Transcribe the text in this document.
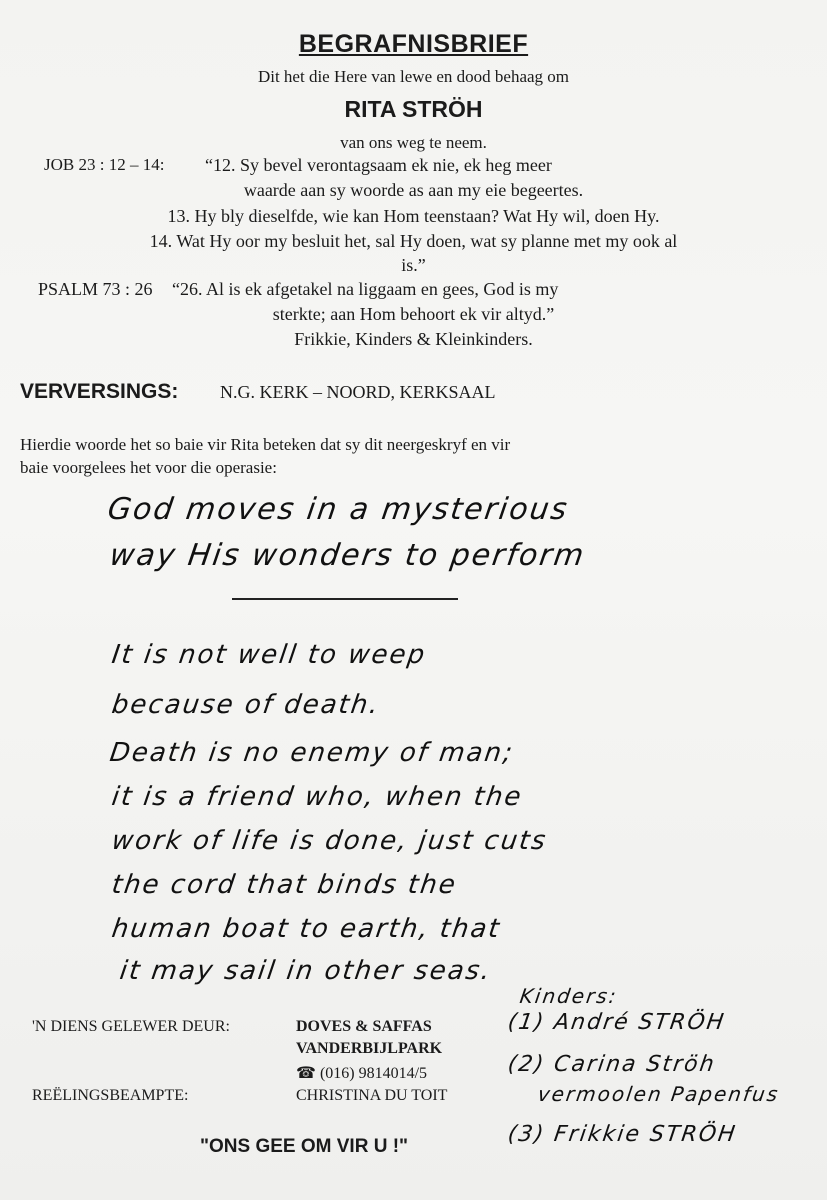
BEGRAFNISBRIEF
Dit het die Here van lewe en dood behaag om
RITA STRÖH
van ons weg te neem.
JOB 23 : 12 – 14: “12. Sy bevel verontagsaam ek nie, ek heg meer
waarde aan sy woorde as aan my eie begeertes.
13. Hy bly dieselfde, wie kan Hom teenstaan? Wat Hy wil, doen Hy.
14. Wat Hy oor my besluit het, sal Hy doen, wat sy planne met my ook al
is.”
PSALM 73 : 26 “26. Al is ek afgetakel na liggaam en gees, God is my
sterkte; aan Hom behoort ek vir altyd.”
Frikkie, Kinders & Kleinkinders.
VERVERSINGS: N.G. KERK – NOORD, KERKSAAL
Hierdie woorde het so baie vir Rita beteken dat sy dit neergeskryf en vir
baie voorgelees het voor die operasie:
God moves in a mysterious
way His wonders to perform
It is not well to weep
because of death.
Death is no enemy of man;
it is a friend who, when the
work of life is done, just cuts
the cord that binds the
human boat to earth, that
it may sail in other seas.
'N DIENS GELEWER DEUR:	DOVES & SAFFAS
VANDERBIJLPARK
☎ (016) 9814014/5
REËLINGSBEAMPTE:	CHRISTINA DU TOIT
"ONS GEE OM VIR U !"
Kinders:
(1) André STRÖH
(2) Carina Ströh
vermoolen Papenfus
(3) Frikkie STRÖH
